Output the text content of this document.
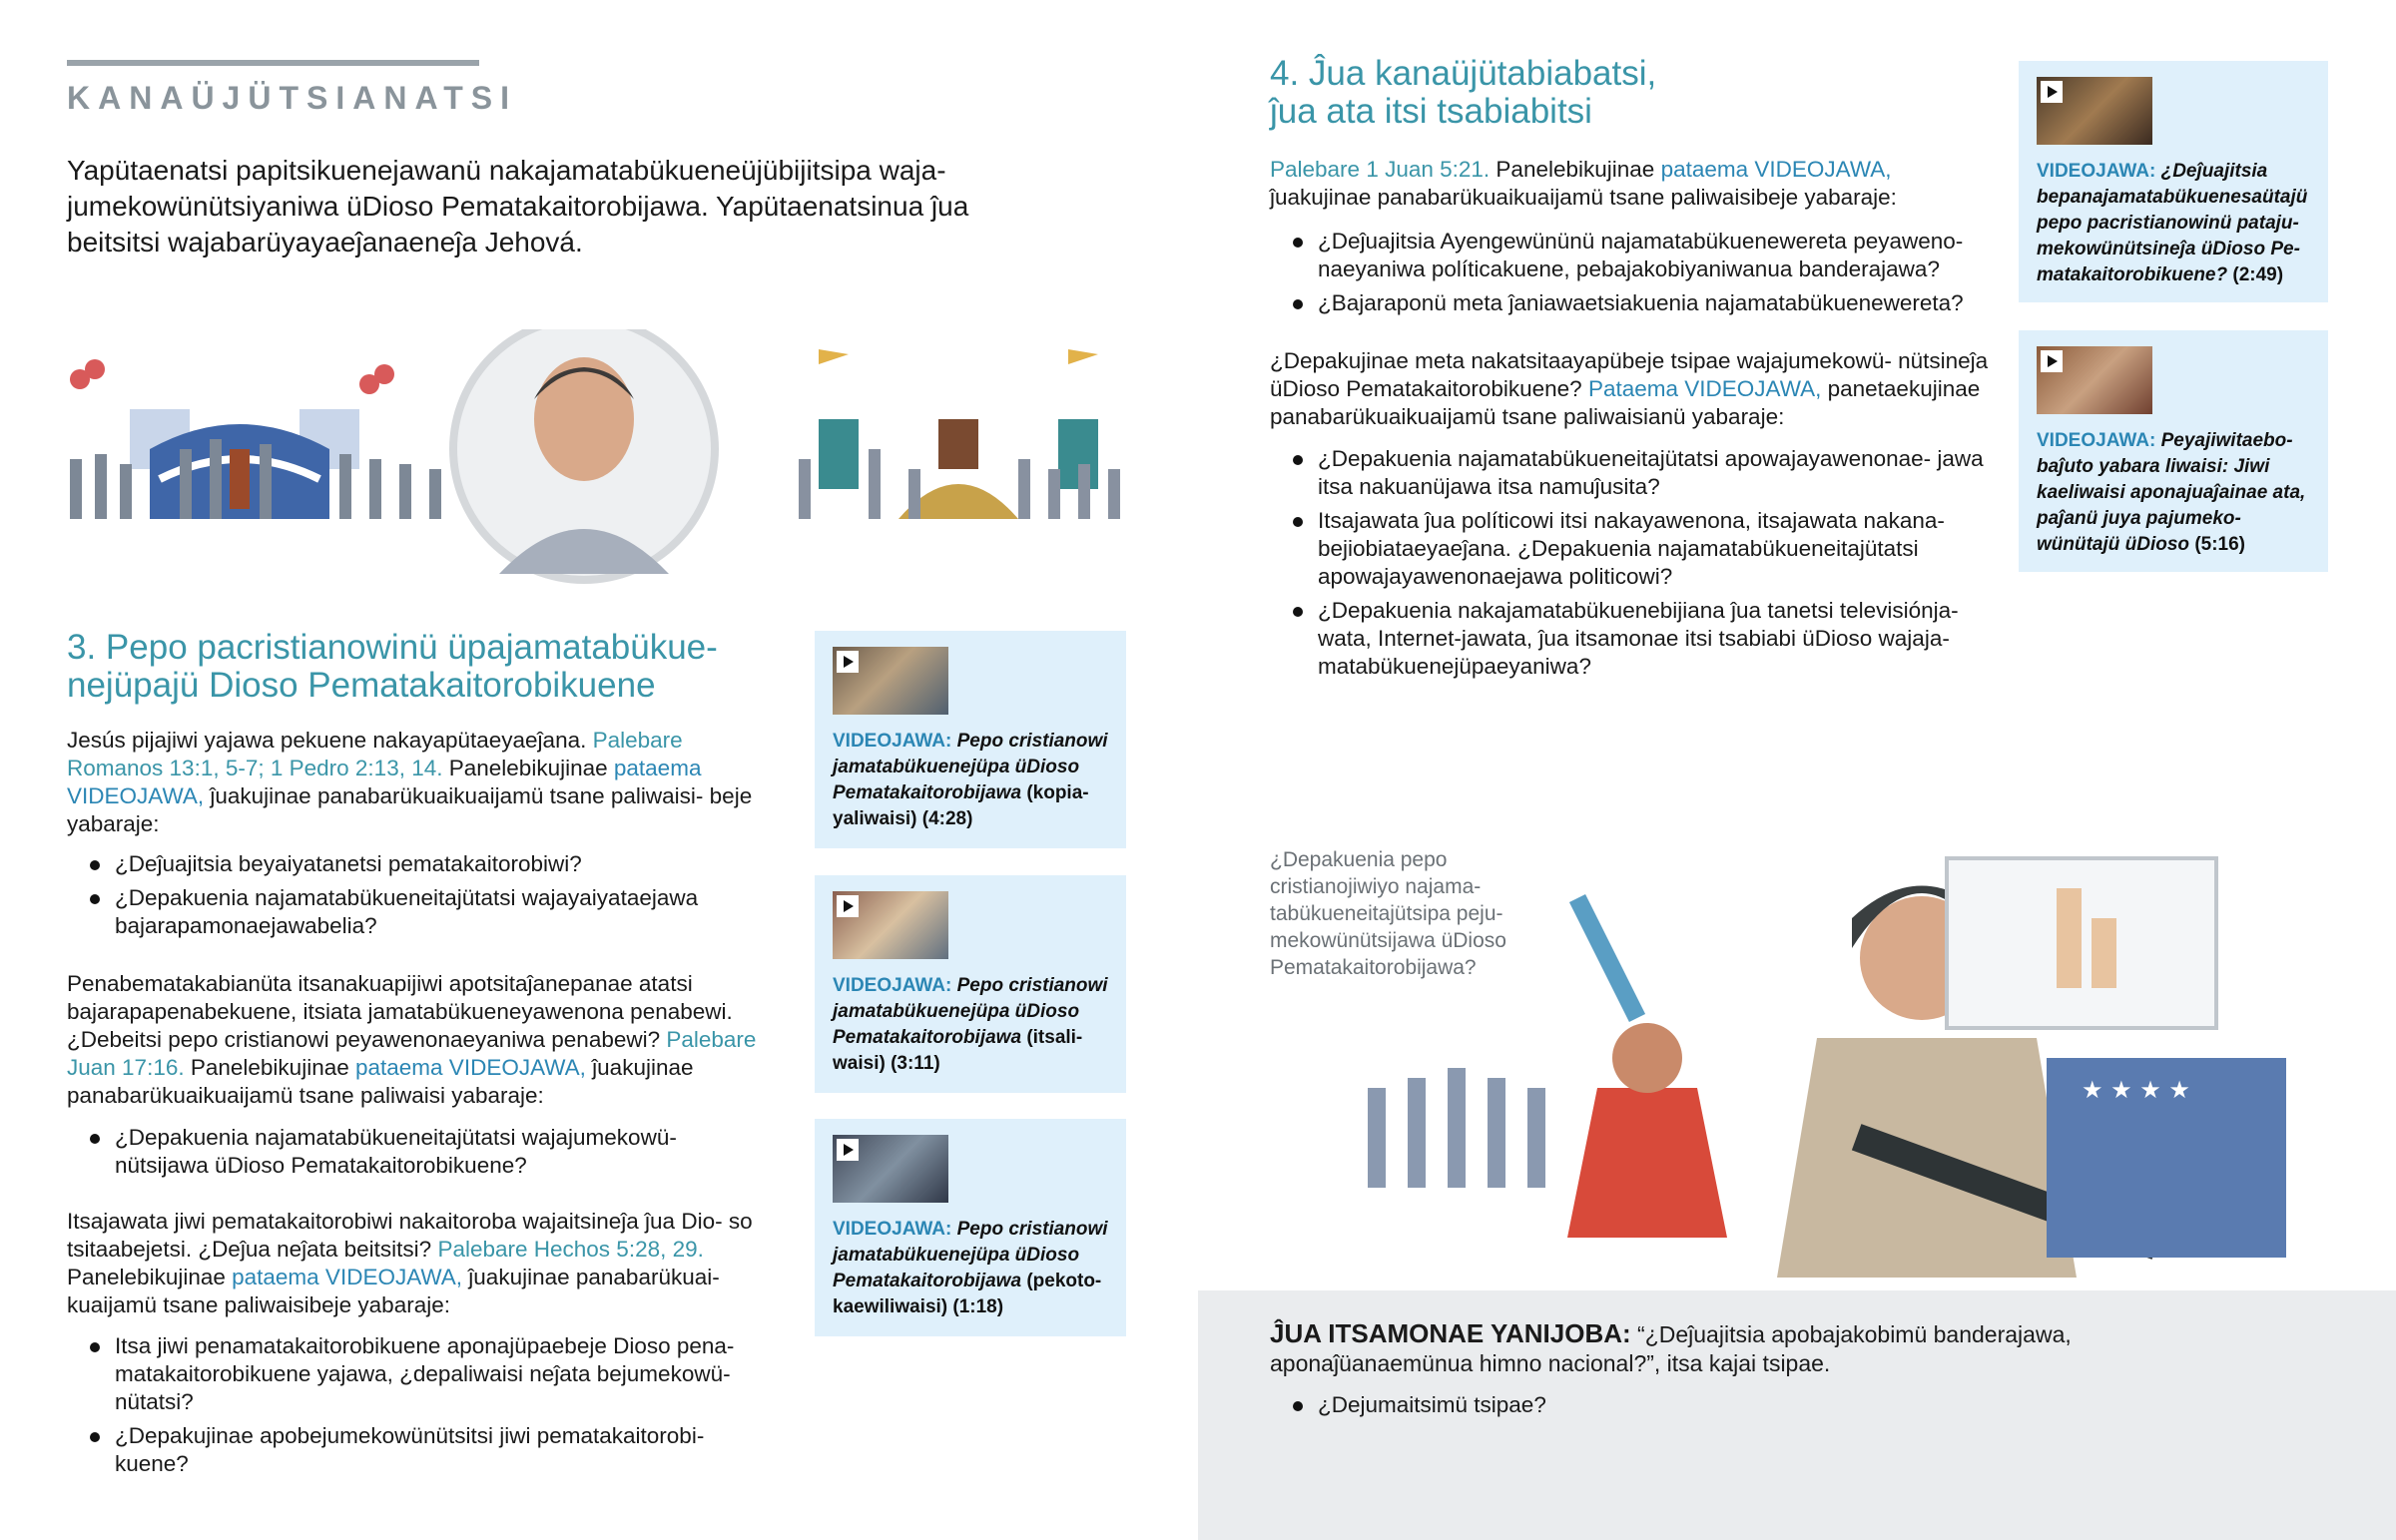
KANAÜJÜTSIANATSI
Yapütaenatsi papitsikuenejawanü nakajamatabükueneüjübijitsipa waja- jumekowünütsiyaniwa üDioso Pematakaitorobijawa. Yapütaenatsinua ĵua beitsitsi wajabarüyayaeĵanaeneĵa Jehová.
3. Pepo pacristianowinü üpajamatabükue-
nejüpajü Dioso Pematakaitorobikuene
Jesús pijajiwi yajawa pekuene nakayapütaeyaeĵana. Palebare Romanos 13:1, 5-7; 1 Pedro 2:13, 14. Panelebikujinae pataema VIDEOJAWA, ĵuakujinae panabarükuaikuaijamü tsane paliwaisi- beje yabaraje:
¿Deĵuajitsia beyaiyatanetsi pematakaitorobiwi?
¿Depakuenia najamatabükueneitajütatsi wajayaiyataejawa bajarapamonaejawabelia?
Penabematakabianüta itsanakuapijiwi apotsitaĵanepanae atatsi bajarapapenabekuene, itsiata jamatabükueneyawenona penabewi. ¿Debeitsi pepo cristianowi peyawenonaeyaniwa penabewi? Palebare Juan 17:16. Panelebikujinae pataema VIDEOJAWA, ĵuakujinae panabarükuaikuaijamü tsane paliwaisi yabaraje:
¿Depakuenia najamatabükueneitajütatsi wajajumekowü- nütsijawa üDioso Pematakaitorobikuene?
Itsajawata jiwi pematakaitorobiwi nakaitoroba wajaitsineĵa ĵua Dio- so tsitaabejetsi. ¿Deĵua neĵata beitsitsi? Palebare Hechos 5:28, 29. Panelebikujinae pataema VIDEOJAWA, ĵuakujinae panabarükuai- kuaijamü tsane paliwaisibeje yabaraje:
Itsa jiwi penamatakaitorobikuene aponajüpaebeje Dioso pena- matakaitorobikuene yajawa, ¿depaliwaisi neĵata bejumekowü- nütatsi?
¿Depakujinae apobejumekowünütsitsi jiwi pematakaitorobi- kuene?
VIDEOJAWA: Pepo cristianowi jamatabükuenejüpa üDioso Pematakaitorobijawa (kopia- yaliwaisi) (4:28)
VIDEOJAWA: Pepo cristianowi jamatabükuenejüpa üDioso Pematakaitorobijawa (itsali- waisi) (3:11)
VIDEOJAWA: Pepo cristianowi jamatabükuenejüpa üDioso Pematakaitorobijawa (pekoto- kaewiliwaisi) (1:18)
4. Ĵua kanaüjütabiabatsi,
ĵua ata itsi tsabiabitsi
Palebare 1 Juan 5:21. Panelebikujinae pataema VIDEOJAWA, ĵuakujinae panabarükuaikuaijamü tsane paliwaisibeje yabaraje:
¿Deĵuajitsia Ayengewününü najamatabükuenewereta peyaweno- naeyaniwa políticakuene, pebajakobiyaniwanua banderajawa?
¿Bajaraponü meta ĵaniawaetsiakuenia najamatabükuenewereta?
¿Depakujinae meta nakatsitaayapübeje tsipae wajajumekowü- nütsineĵa üDioso Pematakaitorobikuene? Pataema VIDEOJAWA, panetaekujinae panabarükuaikuaijamü tsane paliwaisianü yabaraje:
¿Depakuenia najamatabükueneitajütatsi apowajayawenonae- jawa itsa nakuanüjawa itsa namuĵusita?
Itsajawata ĵua políticowi itsi nakayawenona, itsajawata nakana- bejiobiataeyaeĵana. ¿Depakuenia najamatabükueneitajütatsi apowajayawenonaejawa politicowi?
¿Depakuenia nakajamatabükuenebijiana ĵua tanetsi televisiónja- wata, Internet-jawata, ĵua itsamonae itsi tsabiabi üDioso wajaja- matabükuenejüpaeyaniwa?
VIDEOJAWA: ¿Deĵuajitsia bepanajamatabükuenesaütajü pepo pacristianowinü pataju- mekowünütsineĵa üDioso Pe- matakaitorobikuene? (2:49)
VIDEOJAWA: Peyajiwitaebo- baĵuto yabara liwaisi: Jiwi kaeliwaisi aponajuaĵainae ata, paĵanü juya pajumeko- wünütajü üDioso (5:16)
¿Depakuenia pepo cristianojiwiyo najama- tabükueneitajütsipa peju- mekowünütsijawa üDioso Pematakaitorobijawa?
★ ★ ★ ★
ĴUA ITSAMONAE YANIJOBA: “¿Deĵuajitsia apobajakobimü banderajawa, aponaĵüanaemünua himno nacional?”, itsa kajai tsipae.
¿Dejumaitsimü tsipae?
